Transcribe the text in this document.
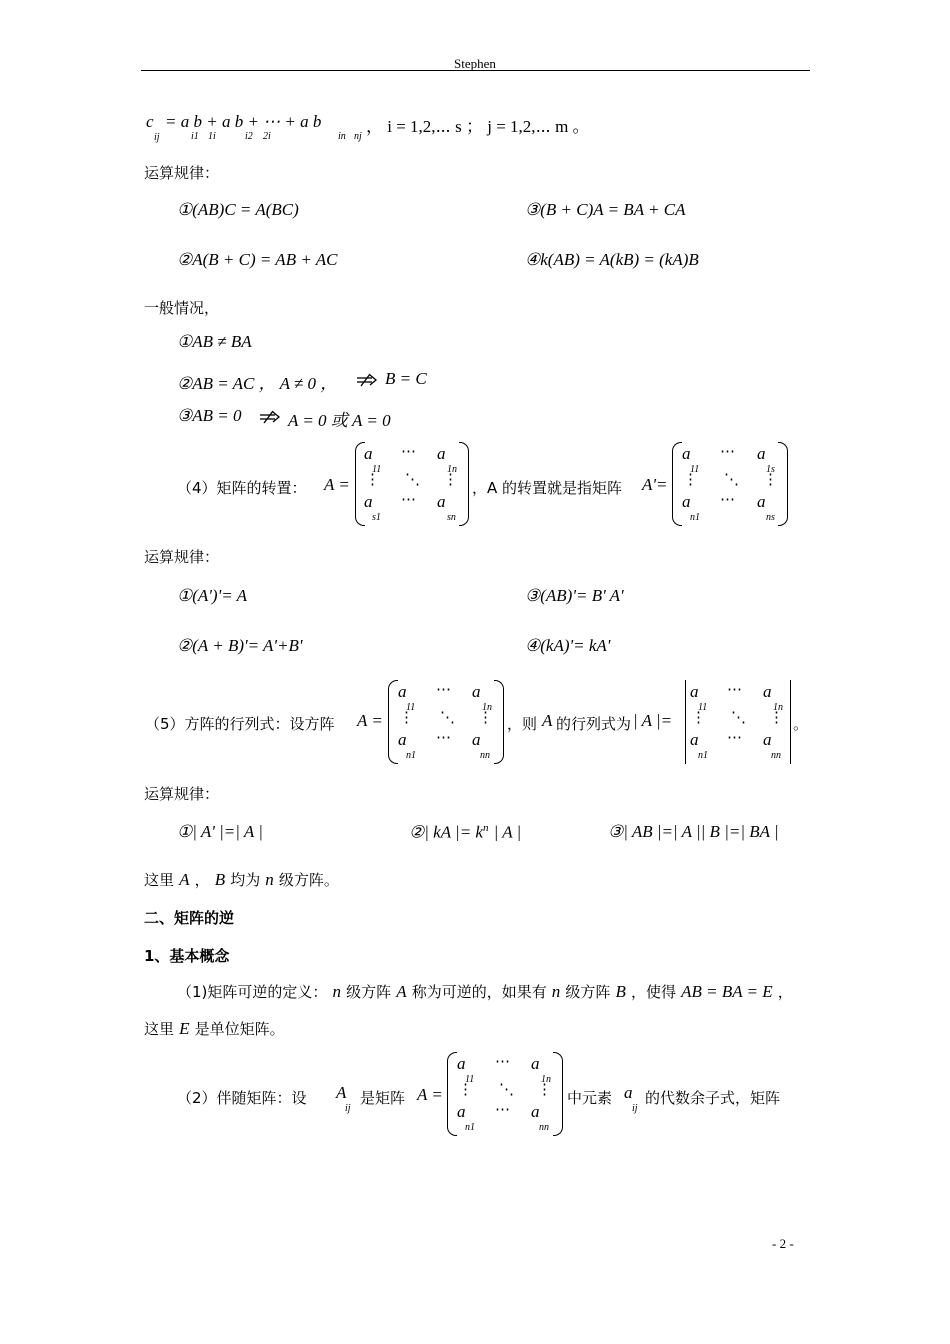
Stephen
c
ij
= a b + a b + ⋯ + a b
i1 1i	i2 2i	in nj
， i = 1,2,⋯ s ； j = 1,2,⋯ m 。
运算规律：
①(AB)C = A(BC)	③(B + C)A = BA + CA
②A(B + C) = AB + AC	④k(AB) = A(kB) = (kA)B
一般情况，
①AB ≠ BA
②AB = AC ， A ≠ 0 ，	B = C
③AB = 0	A = 0 或 A = 0
（4）矩阵的转置： A =
a
11
⋯ a
1n
⋮ ⋱ ⋮
a
s1
⋯ a
sn
，A 的转置就是指矩阵 A'=
a
11
⋯ a
1s
⋮ ⋱ ⋮
a
n1
⋯ a
ns
运算规律：
①(A')'= A	③(AB)'= B' A'
②(A + B)'= A'+B'	④(kA)'= kA'
（5）方阵的行列式：设方阵 A =
a
11
⋯ a
1n
⋮ ⋱ ⋮
a
n1
⋯ a
nn
，则 A 的行列式为 | A |=
a
11
⋯ a
1n
⋮ ⋱ ⋮
a
n1
⋯ a
nn
。
运算规律：
①| A' |=| A |	②| kA |= $k^n$ | A |	③| AB |=| A || B |=| BA |
这里 A ， B 均为 n 级方阵。
二、矩阵的逆
1、基本概念
（1)矩阵可逆的定义： n 级方阵 A 称为可逆的，如果有 n 级方阵 B ，使得 AB = BA = E ，
这里 E 是单位矩阵。
（2）伴随矩阵：设 A
ij
是矩阵 A =
a
11
⋯ a
1n
⋮ ⋱ ⋮
a
n1
⋯ a
nn
中元素 a
ij
的代数余子式，矩阵
- 2 -
